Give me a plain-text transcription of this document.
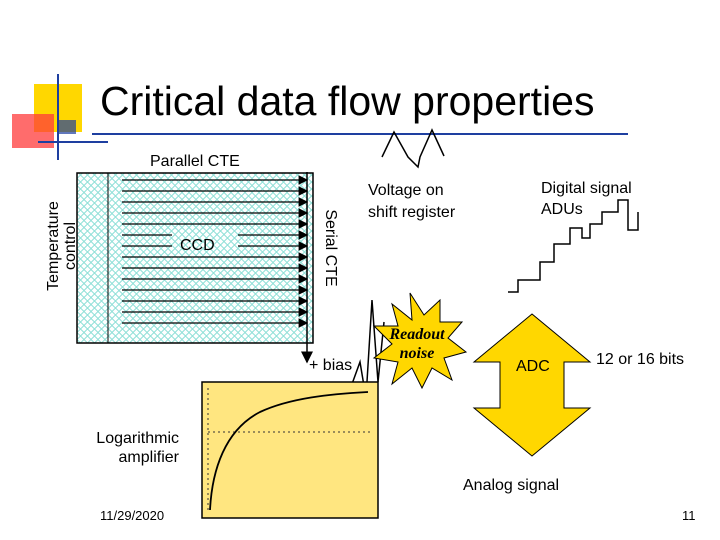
Critical data flow properties
Parallel CTE
Temperature control	CCD	Serial CTE
Voltage on
shift register
Digital signal
ADUs
Readout
noise
+ bias	ADC	12 or 16 bits
Logarithmic
amplifier
Analog signal
11/29/2020	11
